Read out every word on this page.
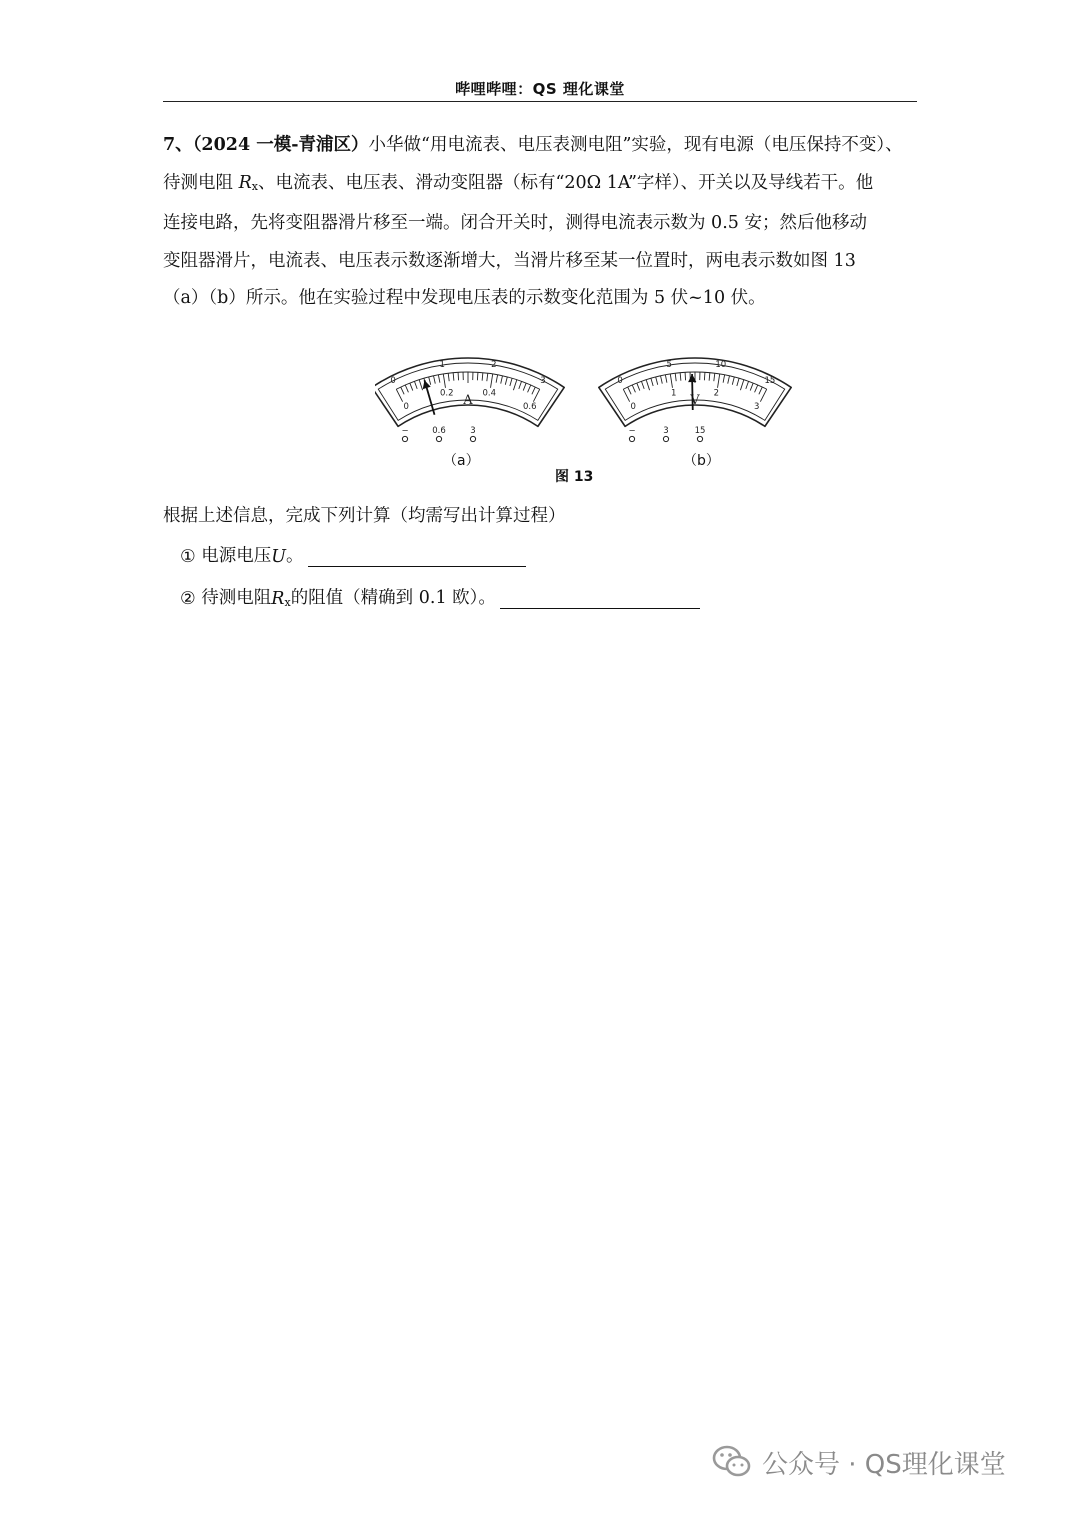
哔哩哔哩：QS 理化课堂
7、（2024 一模-青浦区）小华做“用电流表、电压表测电阻”实验，现有电源（电压保持不变）、
待测电阻 Rx、电流表、电压表、滑动变阻器（标有“20Ω 1A”字样）、开关以及导线若干。他
连接电路，先将变阻器滑片移至一端。闭合开关时，测得电流表示数为 0.5 安；然后他移动
变阻器滑片，电流表、电压表示数逐渐增大，当滑片移至某一位置时，两电表示数如图 13
（a）（b）所示。他在实验过程中发现电压表的示数变化范围为 5 伏~10 伏。
0
1	2
3
0
0.2	0.4
0.6
A
−	0.6	3
0
5	10
15
0
1	2
3
V
−	3	15
（a）	（b）
图 13
根据上述信息，完成下列计算（均需写出计算过程）
①
电源电压 U 。
②
待测电阻 R x 的阻值（精确到 0.1 欧）。
公众号 · QS理化课堂
